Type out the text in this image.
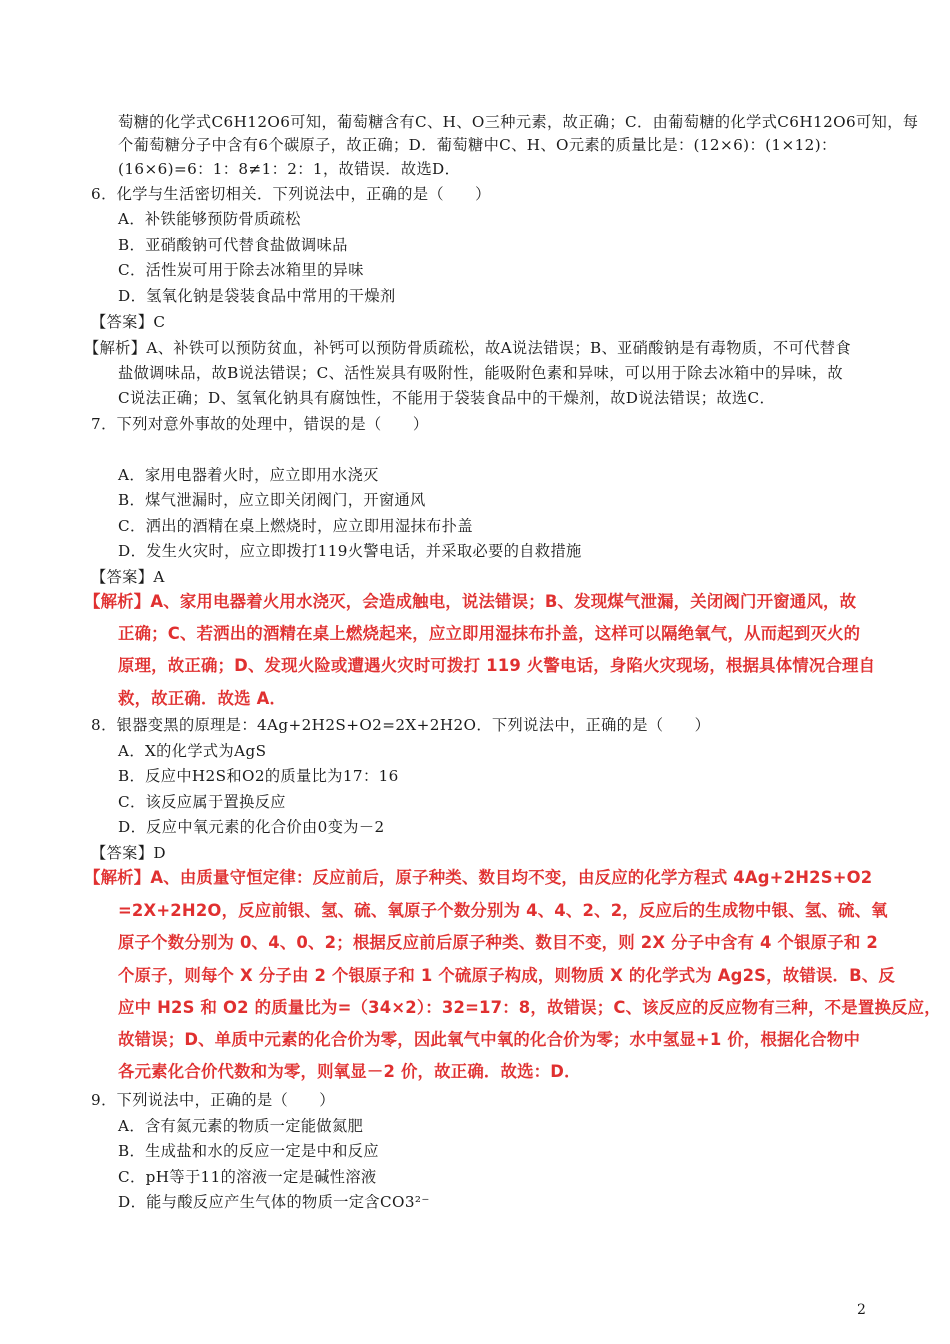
萄糖的化学式C6H12O6可知，葡萄糖含有C、H、O三种元素，故正确；C．由葡萄糖的化学式C6H12O6可知，每
个葡萄糖分子中含有6个碳原子，故正确；D．葡萄糖中C、H、O元素的质量比是：(12×6)：(1×12)：
(16×6)=6：1：8≠1：2：1，故错误．故选D．
6．化学与生活密切相关．下列说法中，正确的是（　　）
A．补铁能够预防骨质疏松
B．亚硝酸钠可代替食盐做调味品
C．活性炭可用于除去冰箱里的异味
D．氢氧化钠是袋装食品中常用的干燥剂
【答案】C
【解析】A、补铁可以预防贫血，补钙可以预防骨质疏松，故A说法错误；B、亚硝酸钠是有毒物质，不可代替食
盐做调味品，故B说法错误；C、活性炭具有吸附性，能吸附色素和异味，可以用于除去冰箱中的异味，故
C说法正确；D、氢氧化钠具有腐蚀性，不能用于袋装食品中的干燥剂，故D说法错误；故选C．
7．下列对意外事故的处理中，错误的是（　　）
A．家用电器着火时，应立即用水浇灭
B．煤气泄漏时，应立即关闭阀门，开窗通风
C．洒出的酒精在桌上燃烧时，应立即用湿抹布扑盖
D．发生火灾时，应立即拨打119火警电话，并采取必要的自救措施
【答案】A
【解析】A、家用电器着火用水浇灭，会造成触电，说法错误；B、发现煤气泄漏，关闭阀门开窗通风，故
正确；C、若洒出的酒精在桌上燃烧起来，应立即用湿抹布扑盖，这样可以隔绝氧气，从而起到灭火的
原理，故正确；D、发现火险或遭遇火灾时可拨打 119 火警电话，身陷火灾现场，根据具体情况合理自
救，故正确．故选 A．
8．银器变黑的原理是：4Ag+2H2S+O2=2X+2H2O．下列说法中，正确的是（　　）
A．X的化学式为AgS
B．反应中H2S和O2的质量比为17：16
C．该反应属于置换反应
D．反应中氧元素的化合价由0变为－2
【答案】D
【解析】A、由质量守恒定律：反应前后，原子种类、数目均不变，由反应的化学方程式 4Ag+2H2S+O2
=2X+2H2O，反应前银、氢、硫、氧原子个数分别为 4、4、2、2，反应后的生成物中银、氢、硫、氧
原子个数分别为 0、4、0、2；根据反应前后原子种类、数目不变，则 2X 分子中含有 4 个银原子和 2
个原子，则每个 X 分子由 2 个银原子和 1 个硫原子构成，则物质 X 的化学式为 Ag2S，故错误．B、反
应中 H2S 和 O2 的质量比为=（34×2）：32=17：8，故错误；C、该反应的反应物有三种，不是置换反应，
故错误；D、单质中元素的化合价为零，因此氧气中氧的化合价为零；水中氢显+1 价，根据化合物中
各元素化合价代数和为零，则氧显－2 价，故正确．故选：D．
9．下列说法中，正确的是（　　）
A．含有氮元素的物质一定能做氮肥
B．生成盐和水的反应一定是中和反应
C．pH等于11的溶液一定是碱性溶液
D．能与酸反应产生气体的物质一定含CO3²⁻
2
